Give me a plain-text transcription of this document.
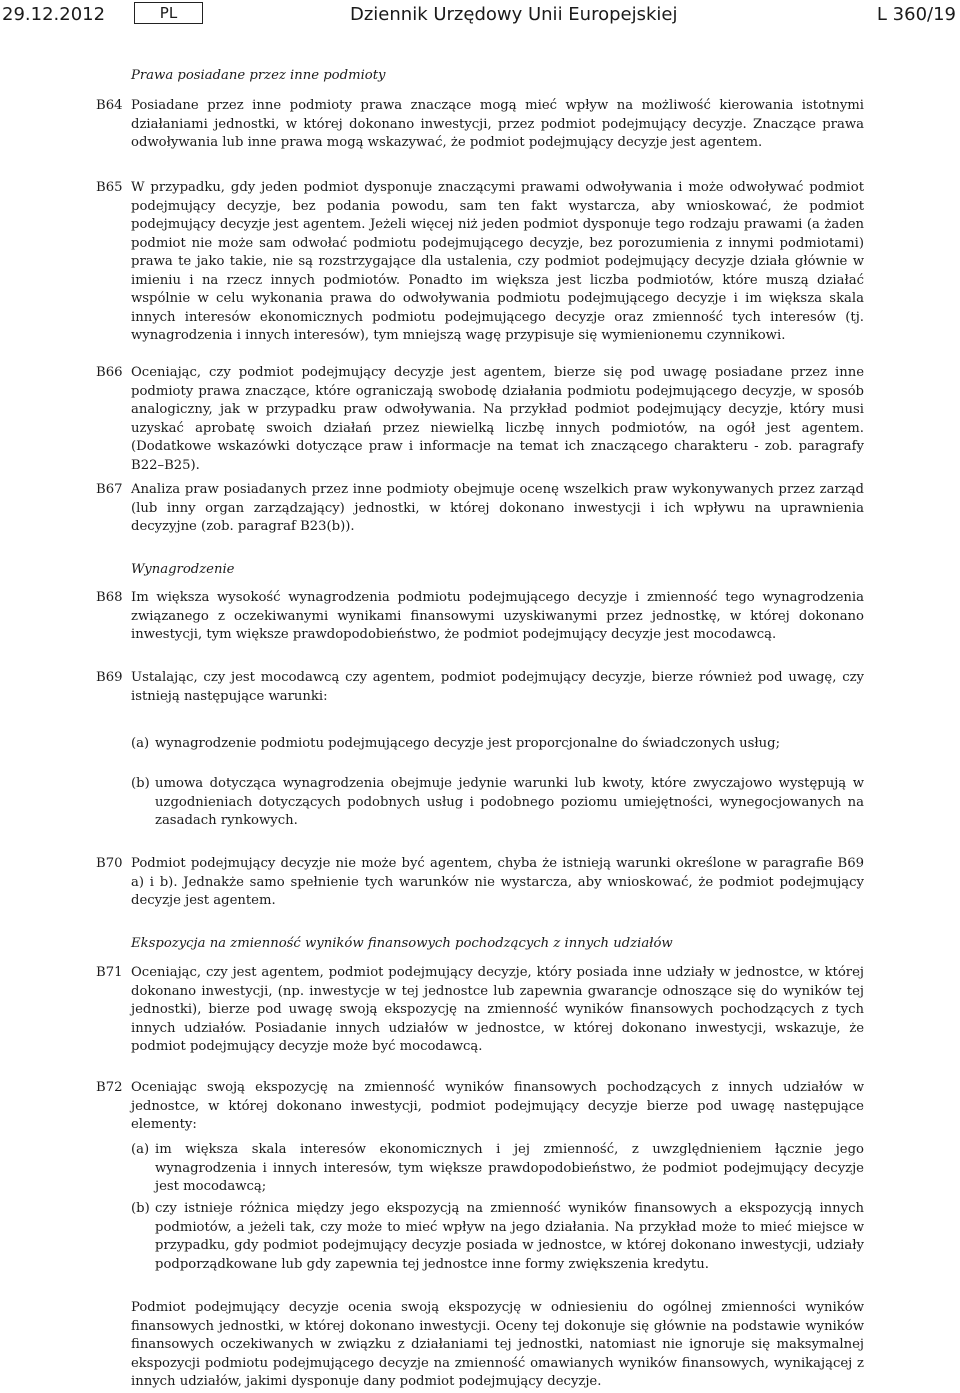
29.12.2012	PL	Dziennik Urzędowy Unii Europejskiej	L 360/19
Prawa posiadane przez inne podmioty
B64 Posiadane przez inne podmioty prawa znaczące mogą mieć wpływ na możliwość kierowania istotnymi działaniami jednostki, w której dokonano inwestycji, przez podmiot podejmujący decyzje. Znaczące prawa odwoływania lub inne prawa mogą wskazywać, że podmiot podejmujący decyzje jest agentem.
B65 W przypadku, gdy jeden podmiot dysponuje znaczącymi prawami odwoływania i może odwoływać podmiot podejmujący decyzje, bez podania powodu, sam ten fakt wystarcza, aby wnioskować, że podmiot podejmujący decyzje jest agentem. Jeżeli więcej niż jeden podmiot dysponuje tego rodzaju prawami (a żaden podmiot nie może sam odwołać podmiotu podejmującego decyzje, bez porozumienia z innymi podmiotami) prawa te jako takie, nie są rozstrzygające dla ustalenia, czy podmiot podejmujący decyzje działa głównie w imieniu i na rzecz innych podmiotów. Ponadto im większa jest liczba podmiotów, które muszą działać wspólnie w celu wykonania prawa do odwoływania podmiotu podejmującego decyzje i im większa skala innych interesów ekonomicznych podmiotu podejmującego decyzje oraz zmienność tych interesów (tj. wynagrodzenia i innych interesów), tym mniejszą wagę przypisuje się wymienionemu czynnikowi.
B66 Oceniając, czy podmiot podejmujący decyzje jest agentem, bierze się pod uwagę posiadane przez inne podmioty prawa znaczące, które ograniczają swobodę działania podmiotu podejmującego decyzje, w sposób analogiczny, jak w przypadku praw odwoływania. Na przykład podmiot podejmujący decyzje, który musi uzyskać aprobatę swoich działań przez niewielką liczbę innych podmiotów, na ogół jest agentem. (Dodatkowe wskazówki dotyczące praw i informacje na temat ich znaczącego charakteru - zob. paragrafy B22–B25).
B67 Analiza praw posiadanych przez inne podmioty obejmuje ocenę wszelkich praw wykonywanych przez zarząd (lub inny organ zarządzający) jednostki, w której dokonano inwestycji i ich wpływu na uprawnienia decyzyjne (zob. paragraf B23(b)).
Wynagrodzenie
B68 Im większa wysokość wynagrodzenia podmiotu podejmującego decyzje i zmienność tego wynagrodzenia związanego z oczekiwanymi wynikami finansowymi uzyskiwanymi przez jednostkę, w której dokonano inwestycji, tym większe prawdopodobieństwo, że podmiot podejmujący decyzje jest mocodawcą.
B69 Ustalając, czy jest mocodawcą czy agentem, podmiot podejmujący decyzje, bierze również pod uwagę, czy istnieją następujące warunki:
(a) wynagrodzenie podmiotu podejmującego decyzje jest proporcjonalne do świadczonych usług;
(b) umowa dotycząca wynagrodzenia obejmuje jedynie warunki lub kwoty, które zwyczajowo występują w uzgodnieniach dotyczących podobnych usług i podobnego poziomu umiejętności, wynegocjowanych na zasadach rynkowych.
B70 Podmiot podejmujący decyzje nie może być agentem, chyba że istnieją warunki określone w paragrafie B69 a) i b). Jednakże samo spełnienie tych warunków nie wystarcza, aby wnioskować, że podmiot podejmujący decyzje jest agentem.
Ekspozycja na zmienność wyników finansowych pochodzących z innych udziałów
B71 Oceniając, czy jest agentem, podmiot podejmujący decyzje, który posiada inne udziały w jednostce, w której dokonano inwestycji, (np. inwestycje w tej jednostce lub zapewnia gwarancje odnoszące się do wyników tej jednostki), bierze pod uwagę swoją ekspozycję na zmienność wyników finansowych pochodzących z tych innych udziałów. Posiadanie innych udziałów w jednostce, w której dokonano inwestycji, wskazuje, że podmiot podejmujący decyzje może być mocodawcą.
B72 Oceniając swoją ekspozycję na zmienność wyników finansowych pochodzących z innych udziałów w jednostce, w której dokonano inwestycji, podmiot podejmujący decyzje bierze pod uwagę następujące elementy:
(a) im większa skala interesów ekonomicznych i jej zmienność, z uwzględnieniem łącznie jego wynagrodzenia i innych interesów, tym większe prawdopodobieństwo, że podmiot podejmujący decyzje jest mocodawcą;
(b) czy istnieje różnica między jego ekspozycją na zmienność wyników finansowych a ekspozycją innych podmiotów, a jeżeli tak, czy może to mieć wpływ na jego działania. Na przykład może to mieć miejsce w przypadku, gdy podmiot podejmujący decyzje posiada w jednostce, w której dokonano inwestycji, udziały podporządkowane lub gdy zapewnia tej jednostce inne formy zwiększenia kredytu.
Podmiot podejmujący decyzje ocenia swoją ekspozycję w odniesieniu do ogólnej zmienności wyników finansowych jednostki, w której dokonano inwestycji. Oceny tej dokonuje się głównie na podstawie wyników finansowych oczekiwanych w związku z działaniami tej jednostki, natomiast nie ignoruje się maksymalnej ekspozycji podmiotu podejmującego decyzje na zmienność omawianych wyników finansowych, wynikającej z innych udziałów, jakimi dysponuje dany podmiot podejmujący decyzje.
